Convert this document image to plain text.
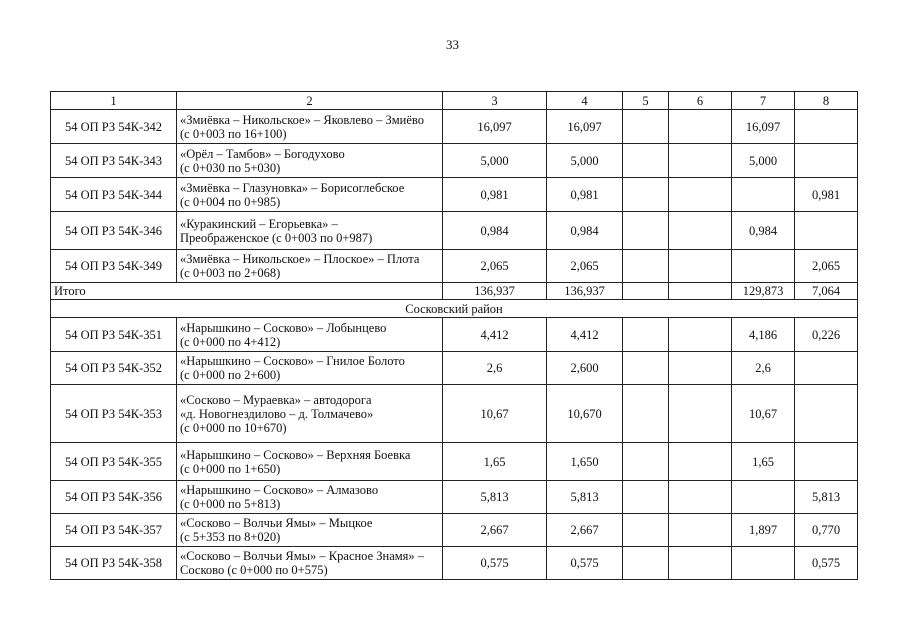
33
1	2	3	4	5	6	7	8
54 ОП РЗ 54К-342	«Змиёвка – Никольское» – Яковлево – Змиёво
(с 0+003 по 16+100)	16,097	16,097			16,097	
54 ОП РЗ 54К-343	«Орёл – Тамбов» – Богодухово
(с 0+030 по 5+030)	5,000	5,000			5,000	
54 ОП РЗ 54К-344	«Змиёвка – Глазуновка» – Борисоглебское
(с 0+004 по 0+985)	0,981	0,981				0,981
54 ОП РЗ 54К-346	«Куракинский – Егорьевка» –
Преображенское (с 0+003 по 0+987)	0,984	0,984			0,984	
54 ОП РЗ 54К-349	«Змиёвка – Никольское» – Плоское» – Плота
(с 0+003 по 2+068)	2,065	2,065				2,065
Итого		136,937	136,937			129,873	7,064
Сосковский район							
54 ОП РЗ 54К-351	«Нарышкино – Сосково» – Лобынцево
(с 0+000 по 4+412)	4,412	4,412			4,186	0,226
54 ОП РЗ 54К-352	«Нарышкино – Сосково» – Гнилое Болото
(с 0+000 по 2+600)	2,6	2,600			2,6	
54 ОП РЗ 54К-353	«Сосково – Мураевка» – автодорога
«д. Новогнездилово – д. Толмачево»
(с 0+000 по 10+670)	10,67	10,670			10,67	
54 ОП РЗ 54К-355	«Нарышкино – Сосково» – Верхняя Боевка
(с 0+000 по 1+650)	1,65	1,650			1,65	
54 ОП РЗ 54К-356	«Нарышкино – Сосково» – Алмазово
(с 0+000 по 5+813)	5,813	5,813				5,813
54 ОП РЗ 54К-357	«Сосково – Волчьи Ямы» – Мыцкое
(с 5+353 по 8+020)	2,667	2,667			1,897	0,770
54 ОП РЗ 54К-358	«Сосково – Волчьи Ямы» – Красное Знамя» –
Сосково (с 0+000 по 0+575)	0,575	0,575				0,575
